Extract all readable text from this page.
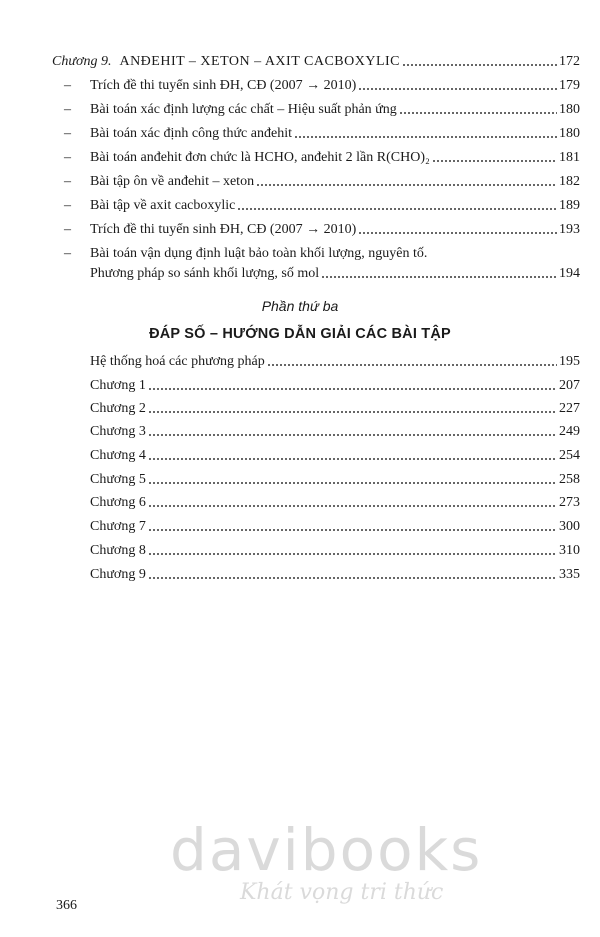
Chương 9. ANĐEHIT – XETON – AXIT CACBOXYLIC	172
– Trích đề thi tuyển sinh ĐH, CĐ (2007 → 2010)	179
– Bài toán xác định lượng các chất – Hiệu suất phản ứng	180
– Bài toán xác định công thức anđehit	180
– Bài toán anđehit đơn chức là HCHO, anđehit 2 lần R(CHO)₂	181
– Bài tập ôn về anđehit – xeton	182
– Bài tập về axit cacboxylic	189
– Trích đề thi tuyển sinh ĐH, CĐ (2007 → 2010)	193
– Bài toán vận dụng định luật bảo toàn khối lượng, nguyên tố.
Phương pháp so sánh khối lượng, số mol	194
Phần thứ ba
ĐÁP SỐ – HƯỚNG DẪN GIẢI CÁC BÀI TẬP
Hệ thống hoá các phương pháp	195
Chương 1	207
Chương 2	227
Chương 3	249
Chương 4	254
Chương 5	258
Chương 6	273
Chương 7	300
Chương 8	310
Chương 9	335
davibooks
Khát vọng tri thức
366
